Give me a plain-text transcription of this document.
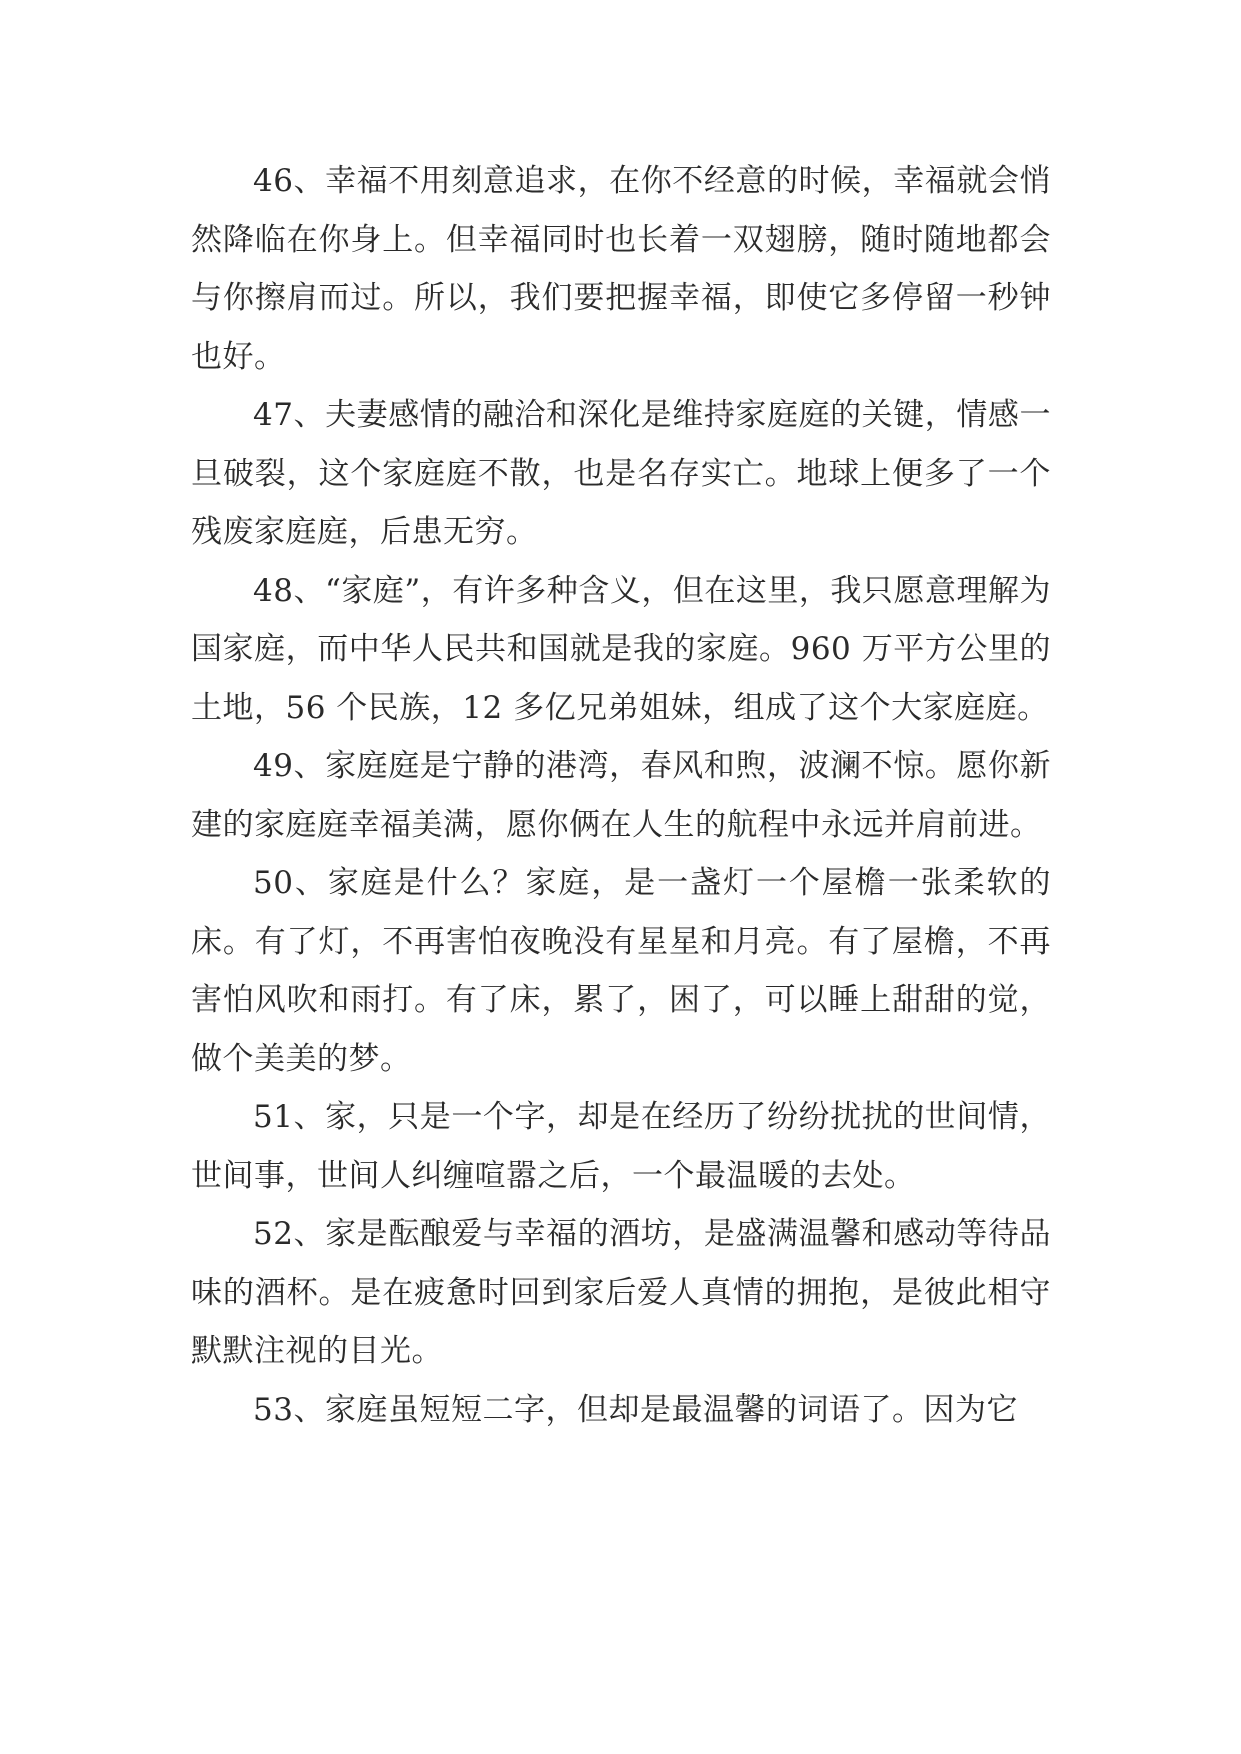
46、幸福不用刻意追求，在你不经意的时候，幸福就会悄然降临在你身上。但幸福同时也长着一双翅膀，随时随地都会与你擦肩而过。所以，我们要把握幸福，即使它多停留一秒钟也好。

47、夫妻感情的融洽和深化是维持家庭庭的关键，情感一旦破裂，这个家庭庭不散，也是名存实亡。地球上便多了一个残废家庭庭，后患无穷。

48、“家庭”，有许多种含义，但在这里，我只愿意理解为国家庭，而中华人民共和国就是我的家庭。960 万平方公里的土地，56 个民族，12 多亿兄弟姐妹，组成了这个大家庭庭。

49、家庭庭是宁静的港湾，春风和煦，波澜不惊。愿你新建的家庭庭幸福美满，愿你俩在人生的航程中永远并肩前进。

50、家庭是什么？家庭，是一盏灯一个屋檐一张柔软的床。有了灯，不再害怕夜晚没有星星和月亮。有了屋檐，不再害怕风吹和雨打。有了床，累了，困了，可以睡上甜甜的觉，做个美美的梦。

51、家，只是一个字，却是在经历了纷纷扰扰的世间情，世间事，世间人纠缠喧嚣之后，一个最温暖的去处。

52、家是酝酿爱与幸福的酒坊，是盛满温馨和感动等待品味的酒杯。是在疲惫时回到家后爱人真情的拥抱，是彼此相守默默注视的目光。

53、家庭虽短短二字，但却是最温馨的词语了。因为它
